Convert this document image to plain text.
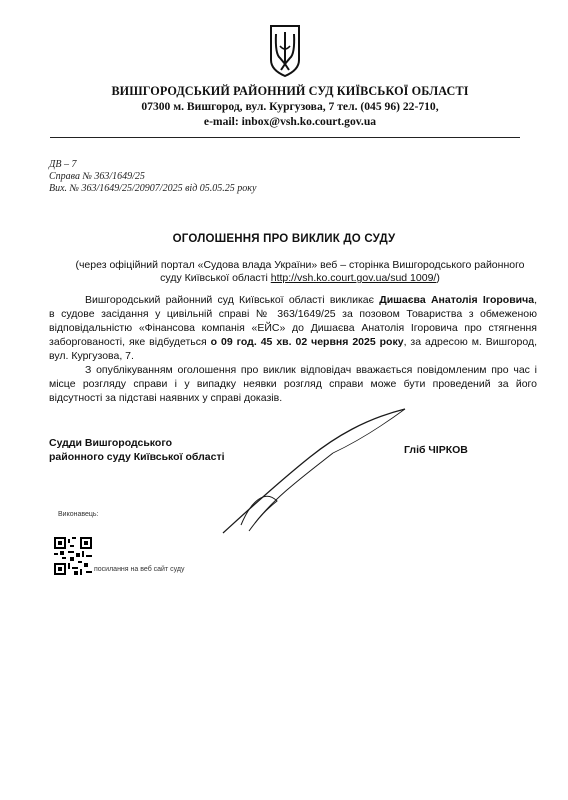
ВИШГОРОДСЬКИЙ РАЙОННИЙ СУД КИЇВСЬКОЇ ОБЛАСТІ
07300 м. Вишгород, вул. Кургузова, 7 тел. (045 96) 22-710,
e-mail: inbox@vsh.ko.court.gov.ua
ДВ – 7
Справа № 363/1649/25
Вих. № 363/1649/25/20907/2025 від 05.05.25 року
ОГОЛОШЕННЯ ПРО ВИКЛИК ДО СУДУ
(через офіційний портал «Судова влада України» веб – сторінка Вишгородського районного
суду Київської області http://vsh.ko.court.gov.ua/sud 1009/)
Вишгородський районний суд Київської області викликає Дишаєва Анатолія Ігоровича,
в судове засідання у цивільній справі № 363/1649/25 за позовом Товариства з обмеженою
відповідальністю «Фінансова компанія «ЕЙС» до Дишаєва Анатолія Ігоровича про стягнення
заборгованості, яке відбудеться о 09 год. 45 хв. 02 червня 2025 року, за адресою м. Вишгород,
вул. Кургузова, 7.
З опублікуванням оголошення про виклик відповідач вважається повідомленим про час і
місце розгляду справи і у випадку неявки розгляд справи може бути проведений за його
відсутності за підставі наявних у справі доказів.
Судди Вишгородського
районного суду Київської області
Гліб ЧІРКОВ
Виконавець:
посилання на веб сайт суду
